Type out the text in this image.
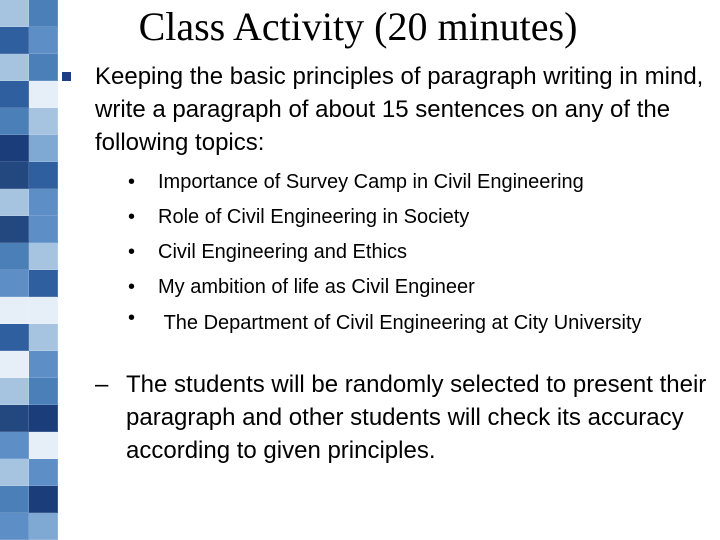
Class Activity (20 minutes)
Keeping the basic principles of paragraph writing in mind, write a paragraph of about 15 sentences on any of the following topics:
• Importance of Survey Camp in Civil Engineering
• Role of Civil Engineering in Society
• Civil Engineering and Ethics
• My ambition of life as Civil Engineer
• The Department of Civil Engineering at City University
– The students will be randomly selected to present their paragraph and other students will check its accuracy according to given principles.
